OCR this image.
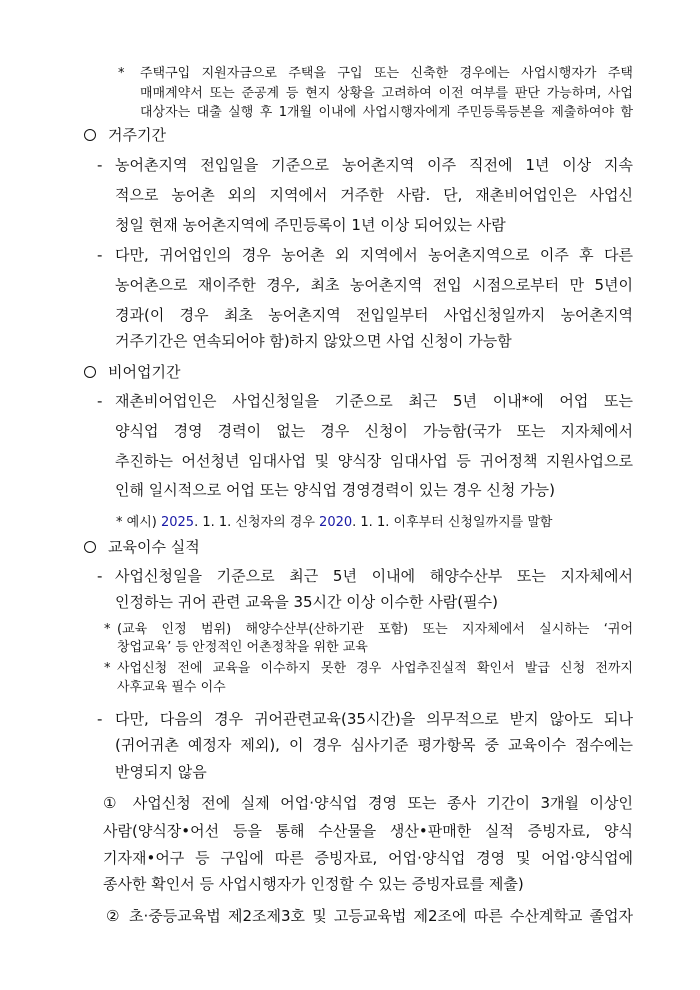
* 주택구입 지원자금으로 주택을 구입 또는 신축한 경우에는 사업시행자가 주택
매매계약서 또는 준공계 등 현지 상황을 고려하여 이전 여부를 판단 가능하며, 사업
대상자는 대출 실행 후 1개월 이내에 사업시행자에게 주민등록등본을 제출하여야 함
거주기간
- 농어촌지역 전입일을 기준으로 농어촌지역 이주 직전에 1년 이상 지속
적으로 농어촌 외의 지역에서 거주한 사람. 단, 재촌비어업인은 사업신
청일 현재 농어촌지역에 주민등록이 1년 이상 되어있는 사람
- 다만, 귀어업인의 경우 농어촌 외 지역에서 농어촌지역으로 이주 후 다른
농어촌으로 재이주한 경우, 최초 농어촌지역 전입 시점으로부터 만 5년이
경과(이 경우 최초 농어촌지역 전입일부터 사업신청일까지 농어촌지역
거주기간은 연속되어야 함)하지 않았으면 사업 신청이 가능함
비어업기간
- 재촌비어업인은 사업신청일을 기준으로 최근 5년 이내*에 어업 또는
양식업 경영 경력이 없는 경우 신청이 가능함(국가 또는 지자체에서
추진하는 어선청년 임대사업 및 양식장 임대사업 등 귀어정책 지원사업으로
인해 일시적으로 어업 또는 양식업 경영경력이 있는 경우 신청 가능)
* 예시) 2025. 1. 1. 신청자의 경우 2020. 1. 1. 이후부터 신청일까지를 말함
교육이수 실적
- 사업신청일을 기준으로 최근 5년 이내에 해양수산부 또는 지자체에서
인정하는 귀어 관련 교육을 35시간 이상 이수한 사람(필수)
* (교육 인정 범위) 해양수산부(산하기관 포함) 또는 지자체에서 실시하는 ‘귀어
창업교육’ 등 안정적인 어촌정착을 위한 교육
* 사업신청 전에 교육을 이수하지 못한 경우 사업추진실적 확인서 발급 신청 전까지
사후교육 필수 이수
- 다만, 다음의 경우 귀어관련교육(35시간)을 의무적으로 받지 않아도 되나
(귀어귀촌 예정자 제외), 이 경우 심사기준 평가항목 중 교육이수 점수에는
반영되지 않음
① 사업신청 전에 실제 어업·양식업 경영 또는 종사 기간이 3개월 이상인
사람(양식장•어선 등을 통해 수산물을 생산•판매한 실적 증빙자료, 양식
기자재•어구 등 구입에 따른 증빙자료, 어업·양식업 경영 및 어업·양식업에
종사한 확인서 등 사업시행자가 인정할 수 있는 증빙자료를 제출)
② 초·중등교육법 제2조제3호 및 고등교육법 제2조에 따른 수산계학교 졸업자
